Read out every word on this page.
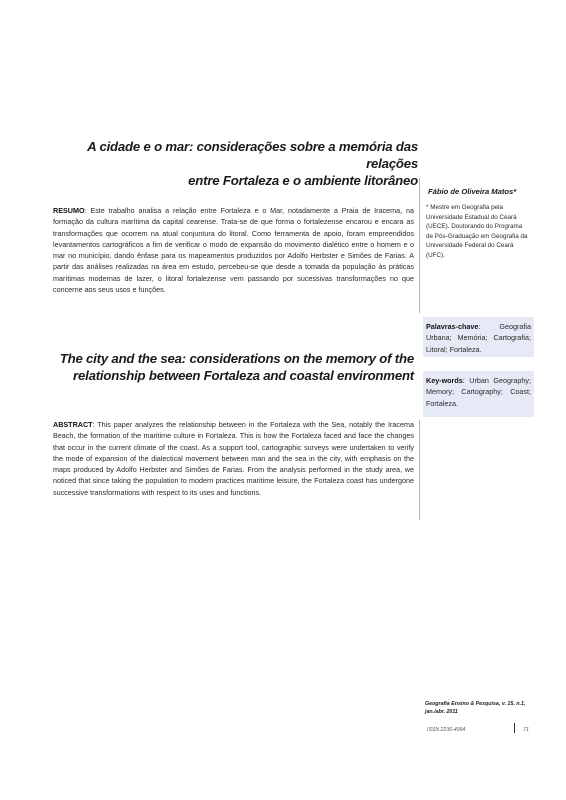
A cidade e o mar: considerações sobre a memória das relações
entre Fortaleza e o ambiente litorâneo
Fábio de Oliveira Matos*
* Mestre em Geografia pela Universidade Estadual do Ceará (UECE). Doutorando do Programa de Pós-Graduação em Geografia da Universidade Federal do Ceará (UFC).
RESUMO: Este trabalho analisa a relação entre Fortaleza e o Mar, notadamente a Praia de Iracema, na formação da cultura marítima da capital cearense. Trata-se de que forma o fortalezense encarou e encara as transformações que ocorrem na atual conjuntura do litoral. Como ferramenta de apoio, foram empreendidos levantamentos cartográficos a fim de verificar o modo de expansão do movimento dialético entre o homem e o mar no município, dando ênfase para os mapeamentos produzidos por Adolfo Herbster e Simões de Farias. A partir das análises realizadas na área em estudo, percebeu-se que desde a tomada da população às práticas marítimas modernas de lazer, o litoral fortalezense vem passando por sucessivas transformações no que concerne aos seus usos e funções.
Palavras-chave: Geografia Urbana; Memória; Cartografia; Litoral; Fortaleza.
The city and the sea: considerations on the memory of the
relationship between Fortaleza and coastal environment	Key-words: Urban Geography; Memory; Cartography; Coast; Fortaleza.
ABSTRACT: This paper analyzes the relationship between in the Fortaleza with the Sea, notably the Iracema Beach, the formation of the maritime culture in Fortaleza. This is how the Fortaleza faced and face the changes that occur in the current climate of the coast. As a support tool, cartographic surveys were undertaken to verify the mode of expansion of the dialectical movement between man and the sea in the city, with emphasis on the maps produced by Adolfo Herbster and Simões de Farias. From the analysis performed in the study area, we noticed that since taking the population to modern practices maritime leisure, the Fortaleza coast has undergone successive transformations with respect to its uses and functions.
Geografia Ensino & Pesquisa, v. 15, n.1,
jan./abr. 2011
ISSN 2236-4994	71
